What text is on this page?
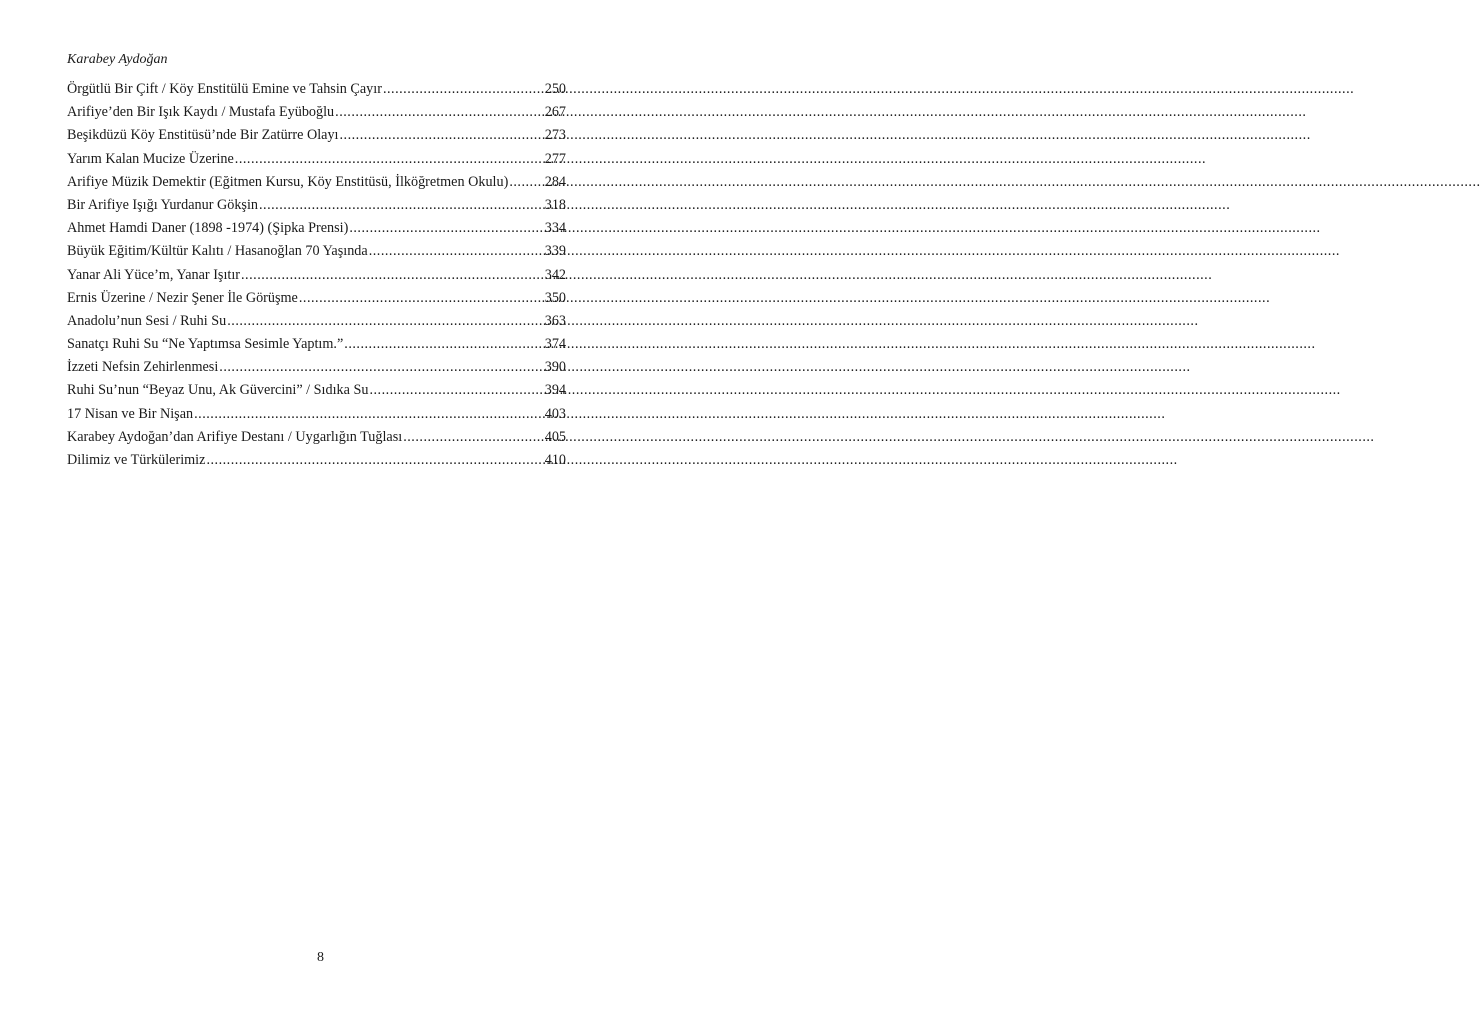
Karabey Aydoğan
Örgütlü Bir Çift / Köy Enstitülü Emine ve Tahsin Çayır .....	250
Arifiye’den Bir Işık Kaydı / Mustafa Eyüboğlu .....	267
Beşikdüzü Köy Enstitüsü’nde Bir Zatürre Olayı .....	273
Yarım Kalan Mucize Üzerine .....	277
Arifiye Müzik Demektir (Eğitmen Kursu, Köy Enstitüsü, İlköğretmen Okulu) .....	284
Bir Arifiye Işığı Yurdanur Gökşin .....	318
Ahmet Hamdi Daner (1898 -1974) (Şipka Prensi) .....	334
Büyük Eğitim/Kültür Kalıtı / Hasanoğlan 70 Yaşında .....	339
Yanar Ali Yüce’m, Yanar Işıtır .....	342
Ernis Üzerine / Nezir Şener İle Görüşme .....	350
Anadolu’nun Sesi / Ruhi Su .....	363
Sanatçı Ruhi Su “Ne Yaptımsa Sesimle Yaptım.” .....	374
İzzeti Nefsin Zehirlenmesi .....	390
Ruhi Su’nun “Beyaz Unu, Ak Güvercini” / Sıdıka Su .....	394
17 Nisan ve Bir Nişan .....	403
Karabey Aydoğan’dan Arifiye Destanı / Uygarlığın Tuğlası .....	405
Dilimiz ve Türkülerimiz .....	410
8
